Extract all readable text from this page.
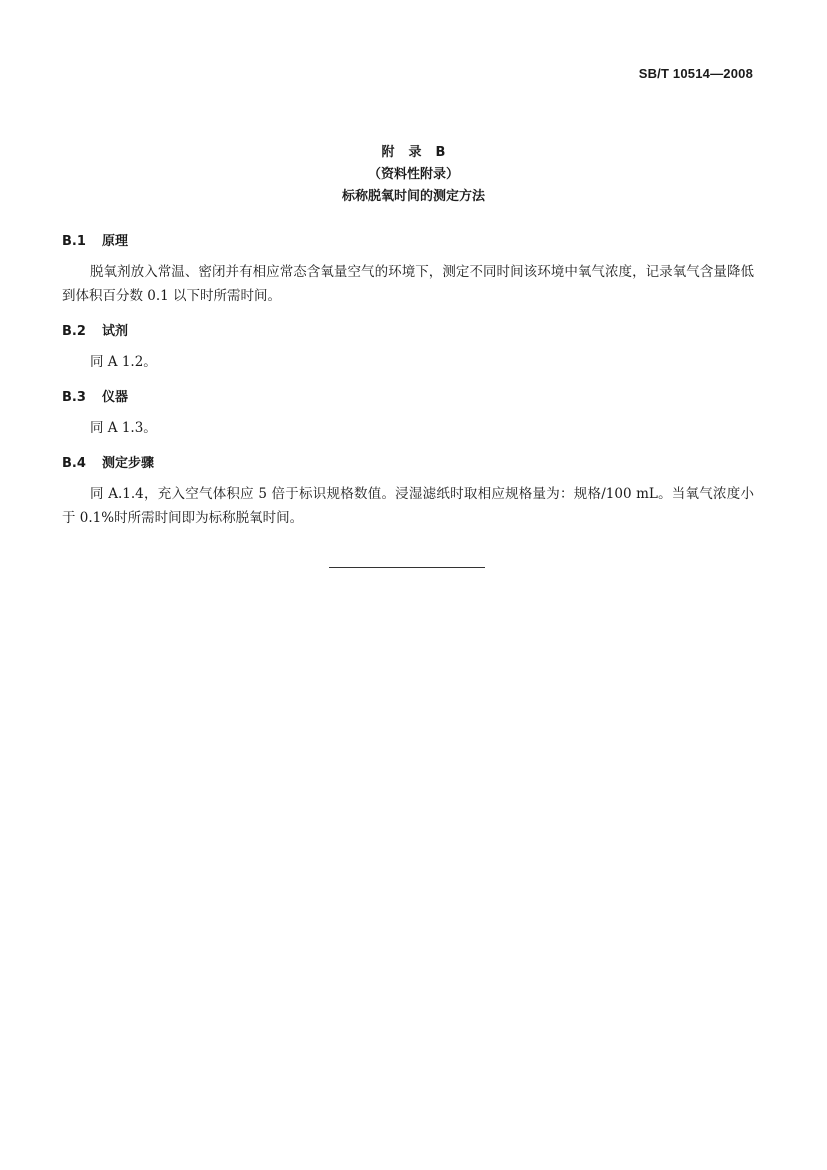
SB/T 10514—2008
附录B
（资料性附录）
标称脱氧时间的测定方法
B.1 原理

脱氧剂放入常温、密闭并有相应常态含氧量空气的环境下，测定不同时间该环境中氧气浓度，记录氧气含量降低到体积百分数 0.1 以下时所需时间。

B.2 试剂

同 A 1.2。

B.3 仪器

同 A 1.3。

B.4 测定步骤

同 A.1.4，充入空气体积应 5 倍于标识规格数值。浸湿滤纸时取相应规格量为：规格/100 mL。当氧气浓度小于 0.1%时所需时间即为标称脱氧时间。
